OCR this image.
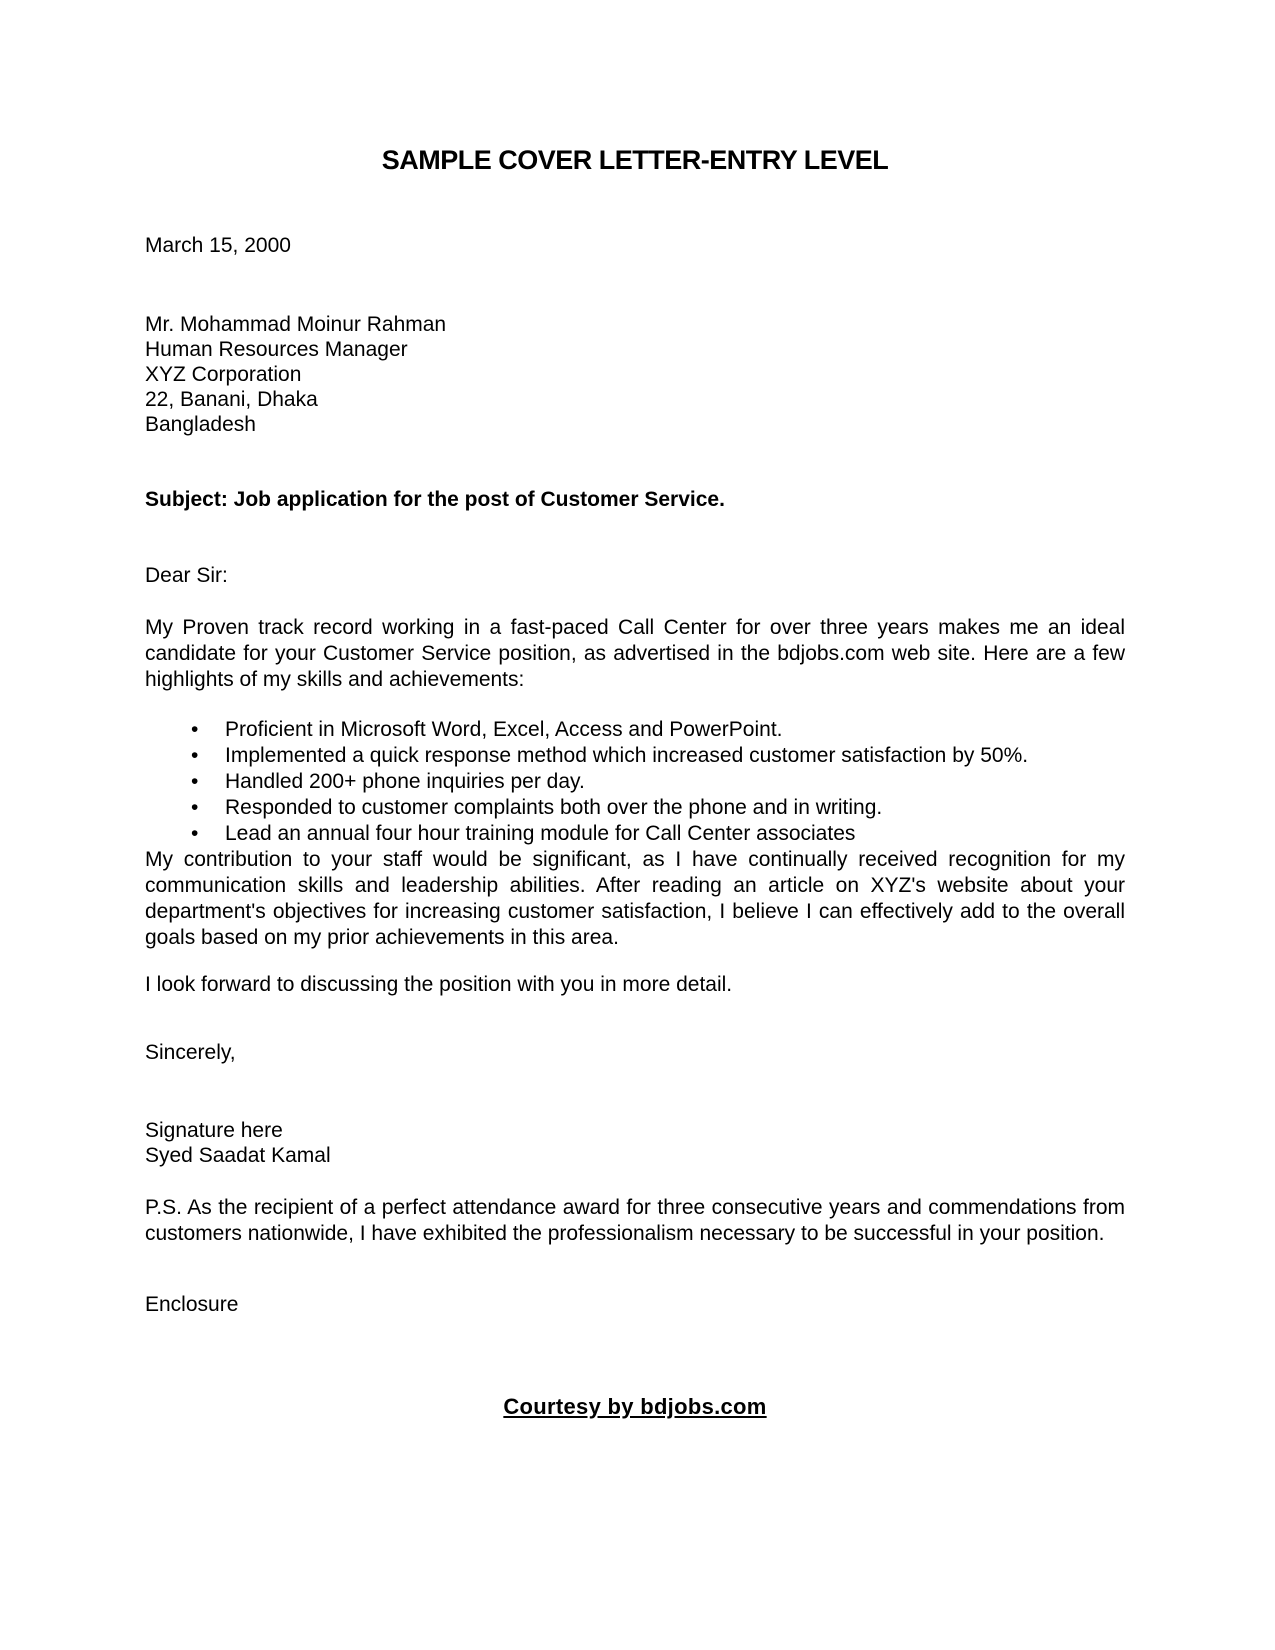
SAMPLE COVER LETTER-ENTRY LEVEL
March 15, 2000
Mr. Mohammad Moinur Rahman
Human Resources Manager
XYZ Corporation
22, Banani, Dhaka
Bangladesh
Subject: Job application for the post of Customer Service.
Dear Sir:

My Proven track record working in a fast-paced Call Center for over three years makes me an ideal candidate for your Customer Service position, as advertised in the bdjobs.com web site. Here are a few highlights of my skills and achievements:

• Proficient in Microsoft Word, Excel, Access and PowerPoint.
• Implemented a quick response method which increased customer satisfaction by 50%.
• Handled 200+ phone inquiries per day.
• Responded to customer complaints both over the phone and in writing.
• Lead an annual four hour training module for Call Center associates

My contribution to your staff would be significant, as I have continually received recognition for my communication skills and leadership abilities. After reading an article on XYZ's website about your department's objectives for increasing customer satisfaction, I believe I can effectively add to the overall goals based on my prior achievements in this area.

I look forward to discussing the position with you in more detail.
Sincerely,
Signature here
Syed Saadat Kamal

P.S. As the recipient of a perfect attendance award for three consecutive years and commendations from customers nationwide, I have exhibited the professionalism necessary to be successful in your position.

Enclosure
Courtesy by bdjobs.com
